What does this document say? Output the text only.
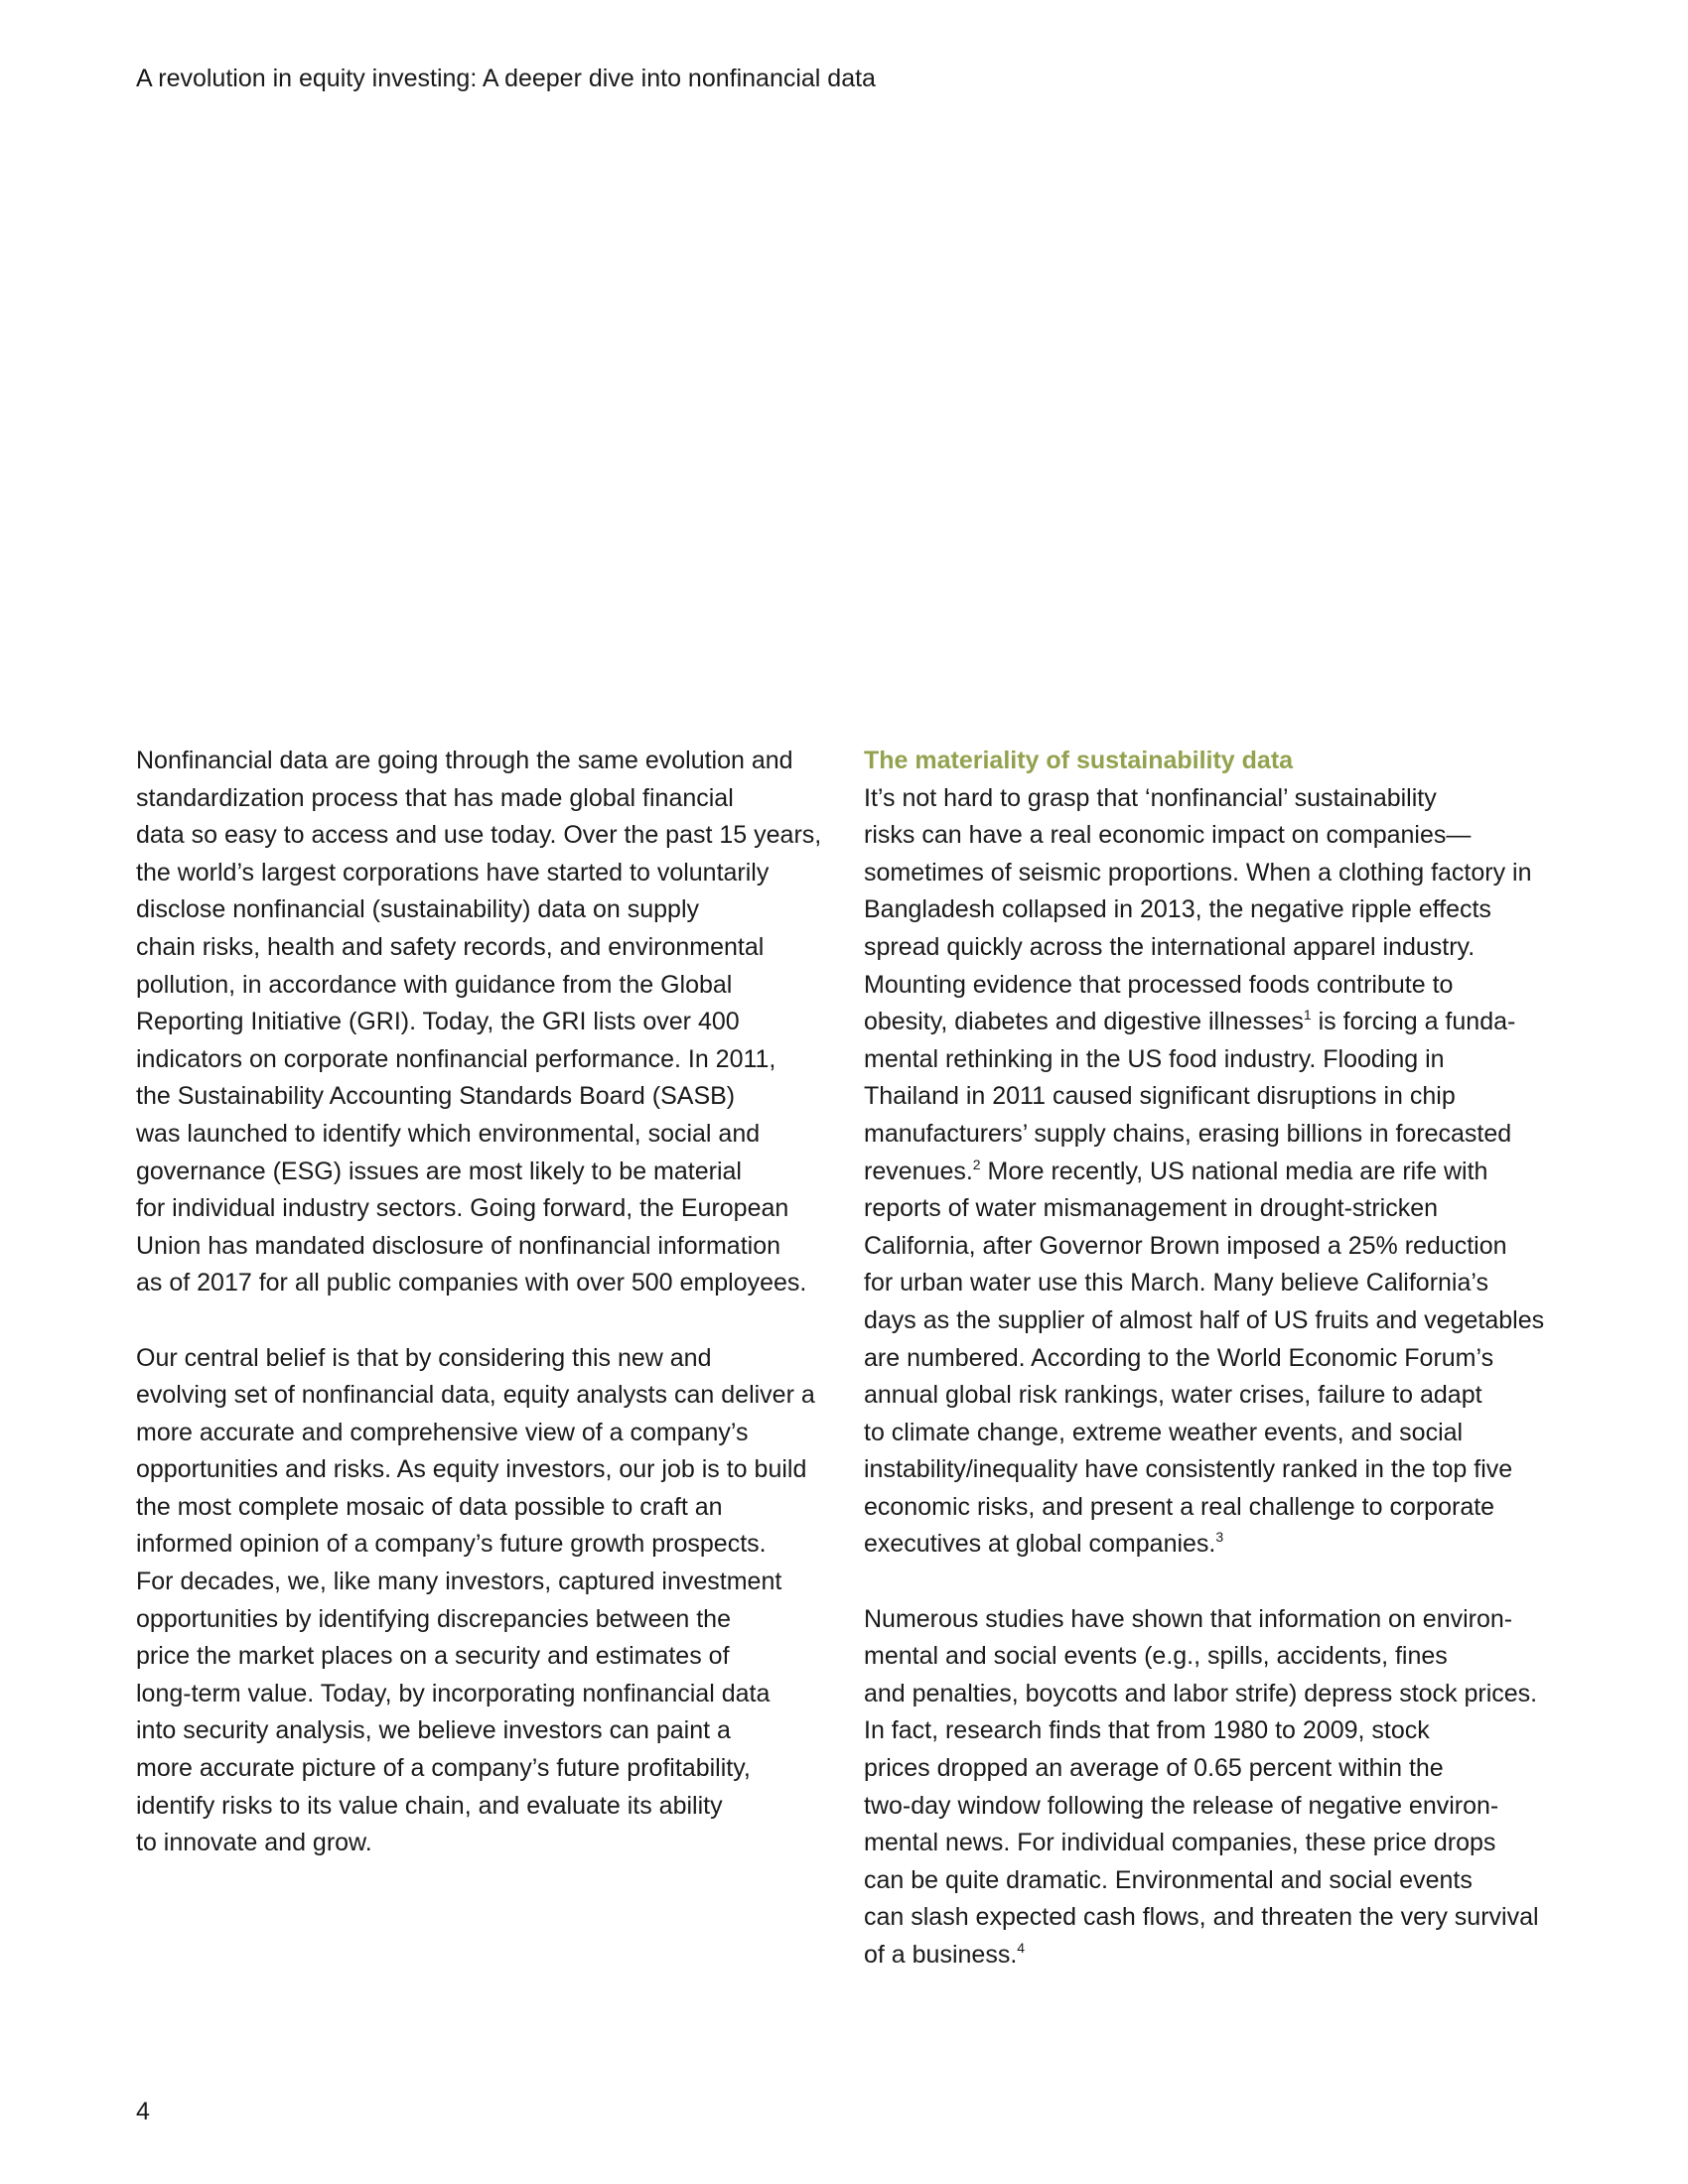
A revolution in equity investing: A deeper dive into nonfinancial data
Nonfinancial data are going through the same evolution and
standardization process that has made global financial
data so easy to access and use today. Over the past 15 years,
the world’s largest corporations have started to voluntarily
disclose nonfinancial (sustainability) data on supply
chain risks, health and safety records, and environmental
pollution, in accordance with guidance from the Global
Reporting Initiative (GRI). Today, the GRI lists over 400
indicators on corporate nonfinancial performance. In 2011,
the Sustainability Accounting Standards Board (SASB)
was launched to identify which environmental, social and
governance (ESG) issues are most likely to be material
for individual industry sectors. Going forward, the European
Union has mandated disclosure of nonfinancial information
as of 2017 for all public companies with over 500 employees.
Our central belief is that by considering this new and
evolving set of nonfinancial data, equity analysts can deliver a
more accurate and comprehensive view of a company’s
opportunities and risks. As equity investors, our job is to build
the most complete mosaic of data possible to craft an
informed opinion of a company’s future growth prospects.
For decades, we, like many investors, captured investment
opportunities by identifying discrepancies between the
price the market places on a security and estimates of
long-term value. Today, by incorporating nonfinancial data
into security analysis, we believe investors can paint a
more accurate picture of a company’s future profitability,
identify risks to its value chain, and evaluate its ability
to innovate and grow.
The materiality of sustainability data
It’s not hard to grasp that ‘nonfinancial’ sustainability
risks can have a real economic impact on companies—
sometimes of seismic proportions. When a clothing factory in
Bangladesh collapsed in 2013, the negative ripple effects
spread quickly across the international apparel industry.
Mounting evidence that processed foods contribute to
obesity, diabetes and digestive illnesses$^1$ is forcing a funda-
mental rethinking in the US food industry. Flooding in
Thailand in 2011 caused significant disruptions in chip
manufacturers’ supply chains, erasing billions in forecasted
revenues.$^2$ More recently, US national media are rife with
reports of water mismanagement in drought-stricken
California, after Governor Brown imposed a 25% reduction
for urban water use this March. Many believe California’s
days as the supplier of almost half of US fruits and vegetables
are numbered. According to the World Economic Forum’s
annual global risk rankings, water crises, failure to adapt
to climate change, extreme weather events, and social
instability/inequality have consistently ranked in the top five
economic risks, and present a real challenge to corporate
executives at global companies.$^3$
Numerous studies have shown that information on environ-
mental and social events (e.g., spills, accidents, fines
and penalties, boycotts and labor strife) depress stock prices.
In fact, research finds that from 1980 to 2009, stock
prices dropped an average of 0.65 percent within the
two-day window following the release of negative environ-
mental news. For individual companies, these price drops
can be quite dramatic. Environmental and social events
can slash expected cash flows, and threaten the very survival
of a business.$^4$
4
